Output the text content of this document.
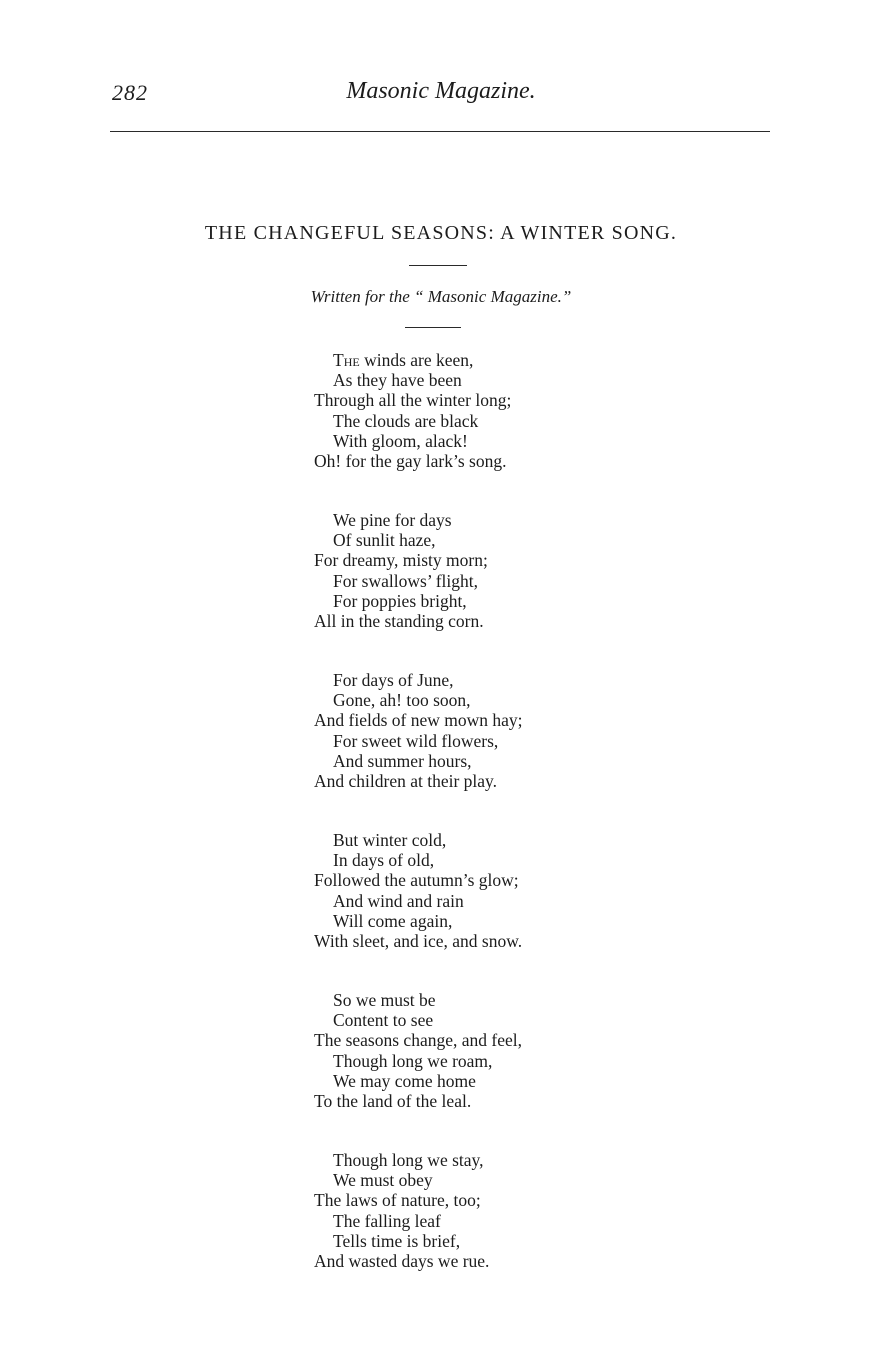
282	Masonic Magazine.
THE CHANGEFUL SEASONS: A WINTER SONG.
Written for the “ Masonic Magazine.”
The winds are keen,
As they have been
Through all the winter long;
The clouds are black
With gloom, alack!
Oh! for the gay lark’s song.
We pine for days
Of sunlit haze,
For dreamy, misty morn;
For swallows’ flight,
For poppies bright,
All in the standing corn.
For days of June,
Gone, ah! too soon,
And fields of new mown hay;
For sweet wild flowers,
And summer hours,
And children at their play.
But winter cold,
In days of old,
Followed the autumn’s glow;
And wind and rain
Will come again,
With sleet, and ice, and snow.
So we must be
Content to see
The seasons change, and feel,
Though long we roam,
We may come home
To the land of the leal.
Though long we stay,
We must obey
The laws of nature, too;
The falling leaf
Tells time is brief,
And wasted days we rue.
